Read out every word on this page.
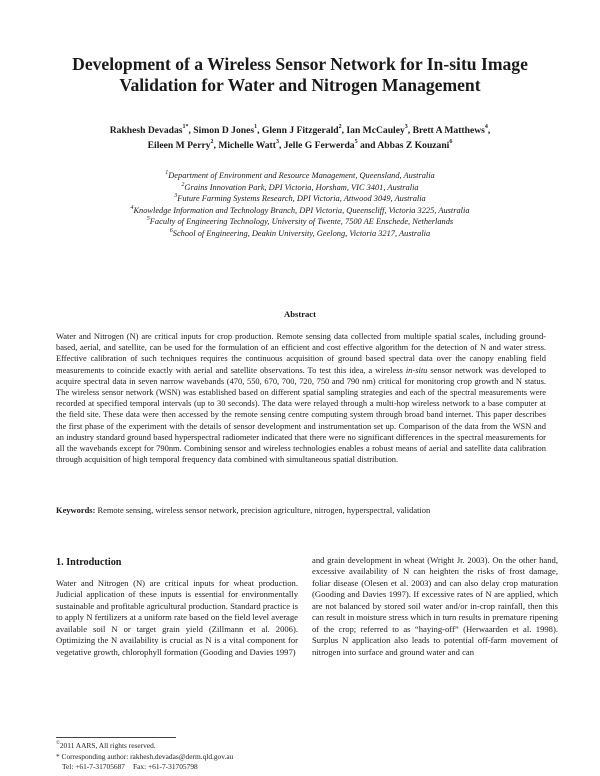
Development of a Wireless Sensor Network for In-situ Image Validation for Water and Nitrogen Management
Rakhesh Devadas$^{1*}$, Simon D Jones$^1$, Glenn J Fitzgerald$^2$, Ian McCauley$^3$, Brett A Matthews$^4$,
Eileen M Perry$^2$, Michelle Watt$^3$, Jelle G Ferwerda$^5$ and Abbas Z Kouzani$^6$
$^1$Department of Environment and Resource Management, Queensland, Australia
$^2$Grains Innovation Park, DPI Victoria, Horsham, VIC 3401, Australia
$^3$Future Farming Systems Research, DPI Victoria, Attwood 3049, Australia
$^4$Knowledge Information and Technology Branch, DPI Victoria, Queenscliff, Victoria 3225, Australia
$^5$Faculty of Engineering Technology, University of Twente, 7500 AE Enschede, Netherlands
$^6$School of Engineering, Deakin University, Geelong, Victoria 3217, Australia
Abstract

Water and Nitrogen (N) are critical inputs for crop production. Remote sensing data collected from multiple spatial scales, including ground-based, aerial, and satellite, can be used for the formulation of an efficient and cost effective algorithm for the detection of N and water stress. Effective calibration of such techniques requires the continuous acquisition of ground based spectral data over the canopy enabling field measurements to coincide exactly with aerial and satellite observations. To test this idea, a wireless in-situ sensor network was developed to acquire spectral data in seven narrow wavebands (470, 550, 670, 700, 720, 750 and 790 nm) critical for monitoring crop growth and N status. The wireless sensor network (WSN) was established based on different spatial sampling strategies and each of the spectral measurements were recorded at specified temporal intervals (up to 30 seconds). The data were relayed through a multi-hop wireless network to a base computer at the field site. These data were then accessed by the remote sensing centre computing system through broad band internet. This paper describes the first phase of the experiment with the details of sensor development and instrumentation set up. Comparison of the data from the WSN and an industry standard ground based hyperspectral radiometer indicated that there were no significant differences in the spectral measurements for all the wavebands except for 790nm. Combining sensor and wireless technologies enables a robust means of aerial and satellite data calibration through acquisition of high temporal frequency data combined with simultaneous spatial distribution.

Keywords: Remote sensing, wireless sensor network, precision agriculture, nitrogen, hyperspectral, validation

1. Introduction

Water and Nitrogen (N) are critical inputs for wheat production. Judicial application of these inputs is essential for environmentally sustainable and profitable agricultural production. Standard practice is to apply N fertilizers at a uniform rate based on the field level average available soil N or target grain yield (Zillmann et al. 2006). Optimizing the N availability is crucial as N is a vital component for vegetative growth, chlorophyll formation (Gooding and Davies 1997)

and grain development in wheat (Wright Jr. 2003). On the other hand, excessive availability of N can heighten the risks of frost damage, foliar disease (Olesen et al. 2003) and can also delay crop maturation (Gooding and Davies 1997). If excessive rates of N are applied, which are not balanced by stored soil water and/or in-crop rainfall, then this can result in moisture stress which in turn results in premature ripening of the crop; referred to as “haying-off” (Herwaarden et al. 1998). Surplus N application also leads to potential off-farm movement of nitrogen into surface and ground water and can

©2011 AARS, All rights reserved.
* Corresponding author: rakhesh.devadas@derm.qld.gov.au
Tel: +61-7-31705687 Fax: +61-7-31705798
